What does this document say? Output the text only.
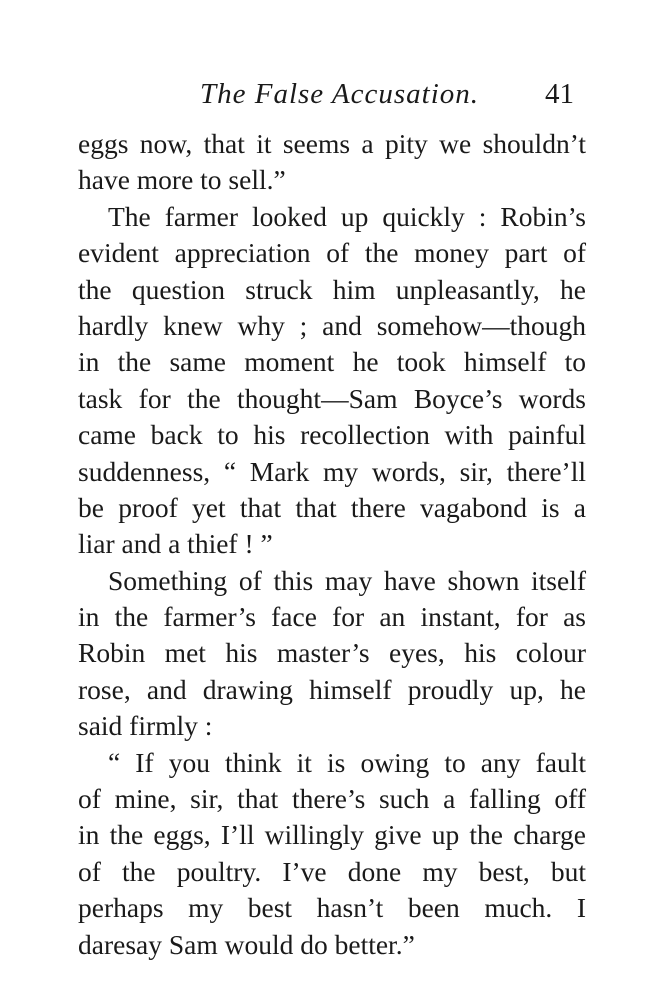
The False Accusation. 41
eggs now, that it seems a pity we shouldn’t
have more to sell.”
The farmer looked up quickly : Robin’s
evident appreciation of the money part of
the question struck him unpleasantly, he
hardly knew why ; and somehow—though
in the same moment he took himself to
task for the thought—Sam Boyce’s words
came back to his recollection with painful
suddenness, “ Mark my words, sir, there’ll
be proof yet that that there vagabond is a
liar and a thief ! ”
Something of this may have shown itself
in the farmer’s face for an instant, for as
Robin met his master’s eyes, his colour
rose, and drawing himself proudly up, he
said firmly :
“ If you think it is owing to any fault
of mine, sir, that there’s such a falling off
in the eggs, I’ll willingly give up the charge
of the poultry. I’ve done my best, but
perhaps my best hasn’t been much. I
daresay Sam would do better.”
